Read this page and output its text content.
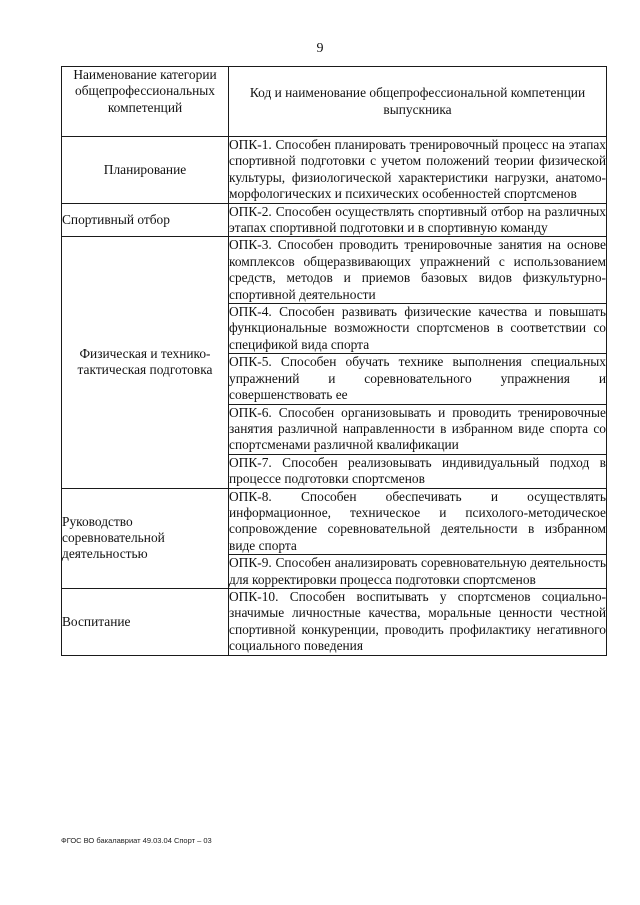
9
Наименование категории общепрофессиональных компетенций	Код и наименование общепрофессиональной компетенции выпускника
Планирование	ОПК-1. Способен планировать тренировочный процесс на этапах спортивной подготовки с учетом положений теории физической культуры, физиологической характеристики нагрузки, анатомо-морфологических и психических особенностей спортсменов
Спортивный отбор	ОПК-2. Способен осуществлять спортивный отбор на различных этапах спортивной подготовки и в спортивную команду
Физическая и технико-тактическая подготовка	ОПК-3. Способен проводить тренировочные занятия на основе комплексов общеразвивающих упражнений с использованием средств, методов и приемов базовых видов физкультурно-спортивной деятельности
	ОПК-4. Способен развивать физические качества и повышать функциональные возможности спортсменов в соответствии со спецификой вида спорта
	ОПК-5. Способен обучать технике выполнения специальных упражнений и соревновательного упражнения и совершенствовать ее
	ОПК-6. Способен организовывать и проводить тренировочные занятия различной направленности в избранном виде спорта со спортсменами различной квалификации
	ОПК-7. Способен реализовывать индивидуальный подход в процессе подготовки спортсменов
Руководство соревновательной деятельностью	ОПК-8. Способен обеспечивать и осуществлять информационное, техническое и психолого-методическое сопровождение соревновательной деятельности в избранном виде спорта
	ОПК-9. Способен анализировать соревновательную деятельность для корректировки процесса подготовки спортсменов
Воспитание	ОПК-10. Способен воспитывать у спортсменов социально-значимые личностные качества, моральные ценности честной спортивной конкуренции, проводить профилактику негативного социального поведения
ФГОС ВО бакалавриат 49.03.04 Спорт – 03
